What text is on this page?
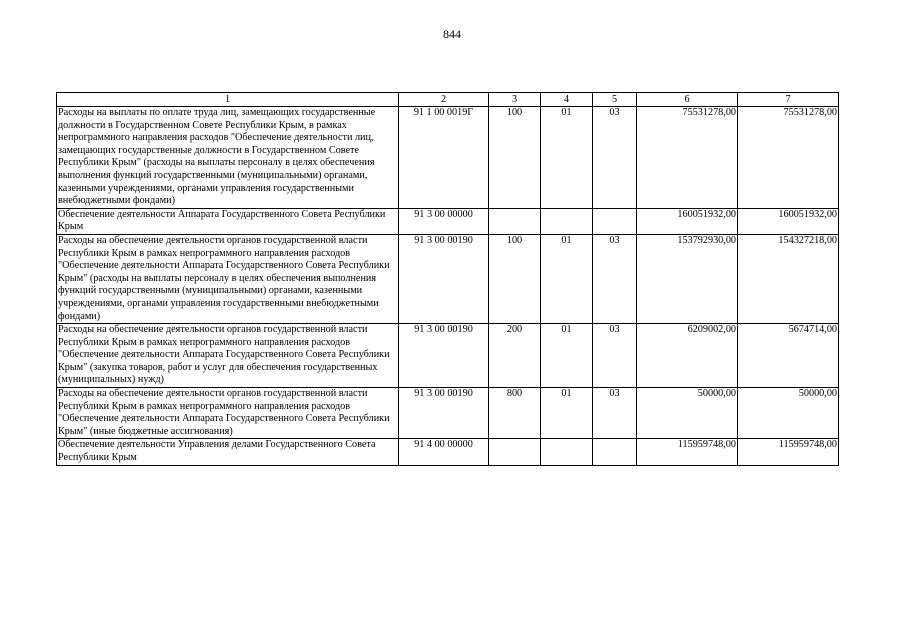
844
1	2	3	4	5	6	7
Расходы на выплаты по оплате труда лиц, замещающих государственные должности в Государственном Совете Республики Крым, в рамках непрограммного направления расходов "Обеспечение деятельности лиц, замещающих государственные должности в Государственном Совете Республики Крым" (расходы на выплаты персоналу в целях обеспечения выполнения функций государственными (муниципальными) органами, казенными учреждениями, органами управления государственными внебюджетными фондами)	91 1 00 0019Г	100	01	03	75531278,00	75531278,00
Обеспечение деятельности Аппарата Государственного Совета Республики Крым	91 3 00 00000				160051932,00	160051932,00
Расходы на обеспечение деятельности органов государственной власти Республики Крым в рамках непрограммного направления расходов "Обеспечение деятельности Аппарата Государственного Совета Республики Крым" (расходы на выплаты персоналу в целях обеспечения выполнения функций государственными (муниципальными) органами, казенными учреждениями, органами управления государственными внебюджетными фондами)	91 3 00 00190	100	01	03	153792930,00	154327218,00
Расходы на обеспечение деятельности органов государственной власти Республики Крым в рамках непрограммного направления расходов "Обеспечение деятельности Аппарата Государственного Совета Республики Крым" (закупка товаров, работ и услуг для обеспечения государственных (муниципальных) нужд)	91 3 00 00190	200	01	03	6209002,00	5674714,00
Расходы на обеспечение деятельности органов государственной власти Республики Крым в рамках непрограммного направления расходов "Обеспечение деятельности Аппарата Государственного Совета Республики Крым" (иные бюджетные ассигнования)	91 3 00 00190	800	01	03	50000,00	50000,00
Обеспечение деятельности Управления делами Государственного Совета Республики Крым	91 4 00 00000				115959748,00	115959748,00
